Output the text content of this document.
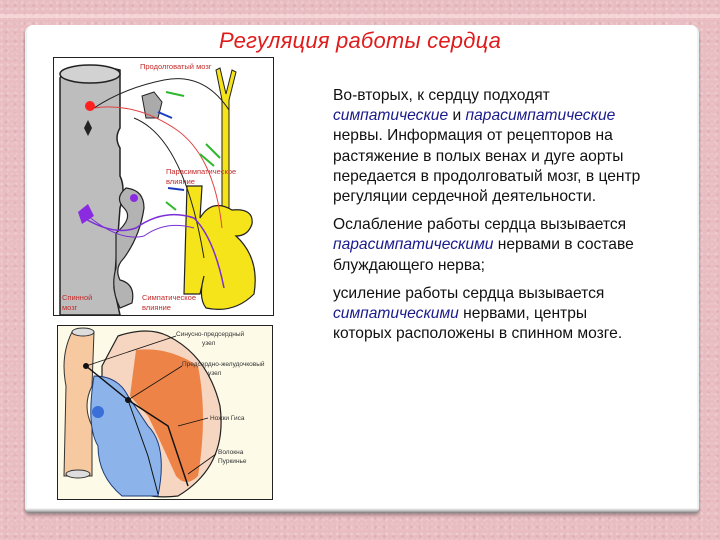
Регуляция работы сердца
Продолговатый мозг
Парасимпатическое
влияние
Спинной
мозг
Симпатическое
влияние
Синусно-предсердный
узел
Предсердно-желудочковый
узел
Ножки Гиса
Волокна
Пуркинье

Во-вторых, к сердцу подходят симпатические и парасимпатические нервы. Информация от рецепторов на растяжение в полых венах и дуге аорты передается в продолговатый мозг, в центр регуляции сердечной деятельности.

Ослабление работы сердца вызывается парасимпатическими нервами в составе блуждающего нерва;

усиление работы сердца вызывается симпатическими нервами, центры которых расположены в спинном мозге.
